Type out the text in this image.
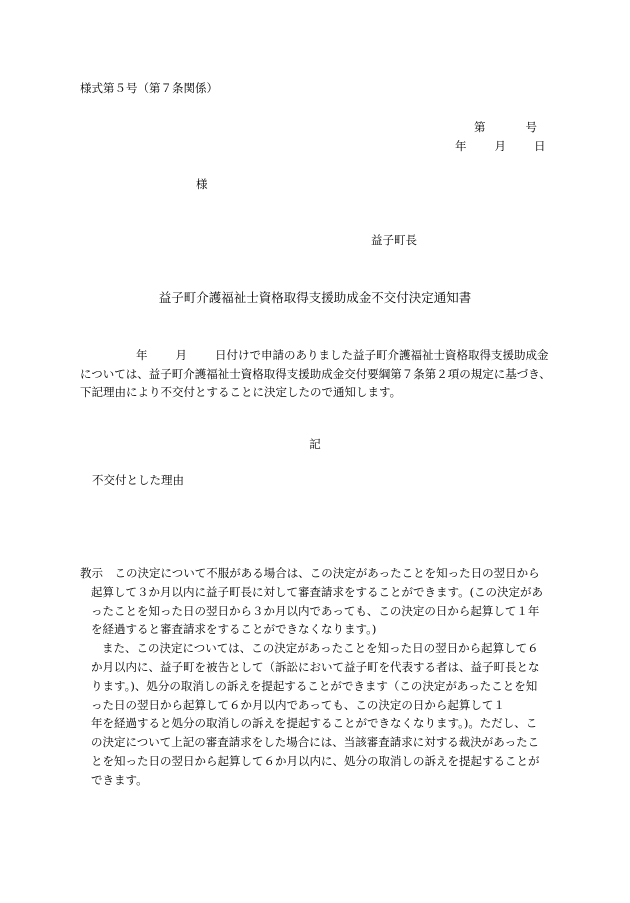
様式第５号（第７条関係）

第	号

年 月 日

様

益子町長

益子町介護福祉士資格取得支援助成金不交付決定通知書
年 月 日付けで申請のありました益子町介護福祉士資格取得支援助成金
については、益子町介護福祉士資格取得支援助成金交付要綱第７条第２項の規定に基づき、
下記理由により不交付とすることに決定したので通知します。

記

不交付とした理由

教示　この決定について不服がある場合は、この決定があったことを知った日の翌日から
起算して３か月以内に益子町長に対して審査請求をすることができます。(この決定があ
ったことを知った日の翌日から３か月以内であっても、この決定の日から起算して１年
を経過すると審査請求をすることができなくなります。)
また、この決定については、この決定があったことを知った日の翌日から起算して６
か月以内に、益子町を被告として（訴訟において益子町を代表する者は、益子町長とな
ります。)、処分の取消しの訴えを提起することができます（この決定があったことを知
った日の翌日から起算して６か月以内であっても、この決定の日から起算して１
年を経過すると処分の取消しの訴えを提起することができなくなります。)。ただし、こ
の決定について上記の審査請求をした場合には、当該審査請求に対する裁決があったこ
とを知った日の翌日から起算して６か月以内に、処分の取消しの訴えを提起することが
できます。
